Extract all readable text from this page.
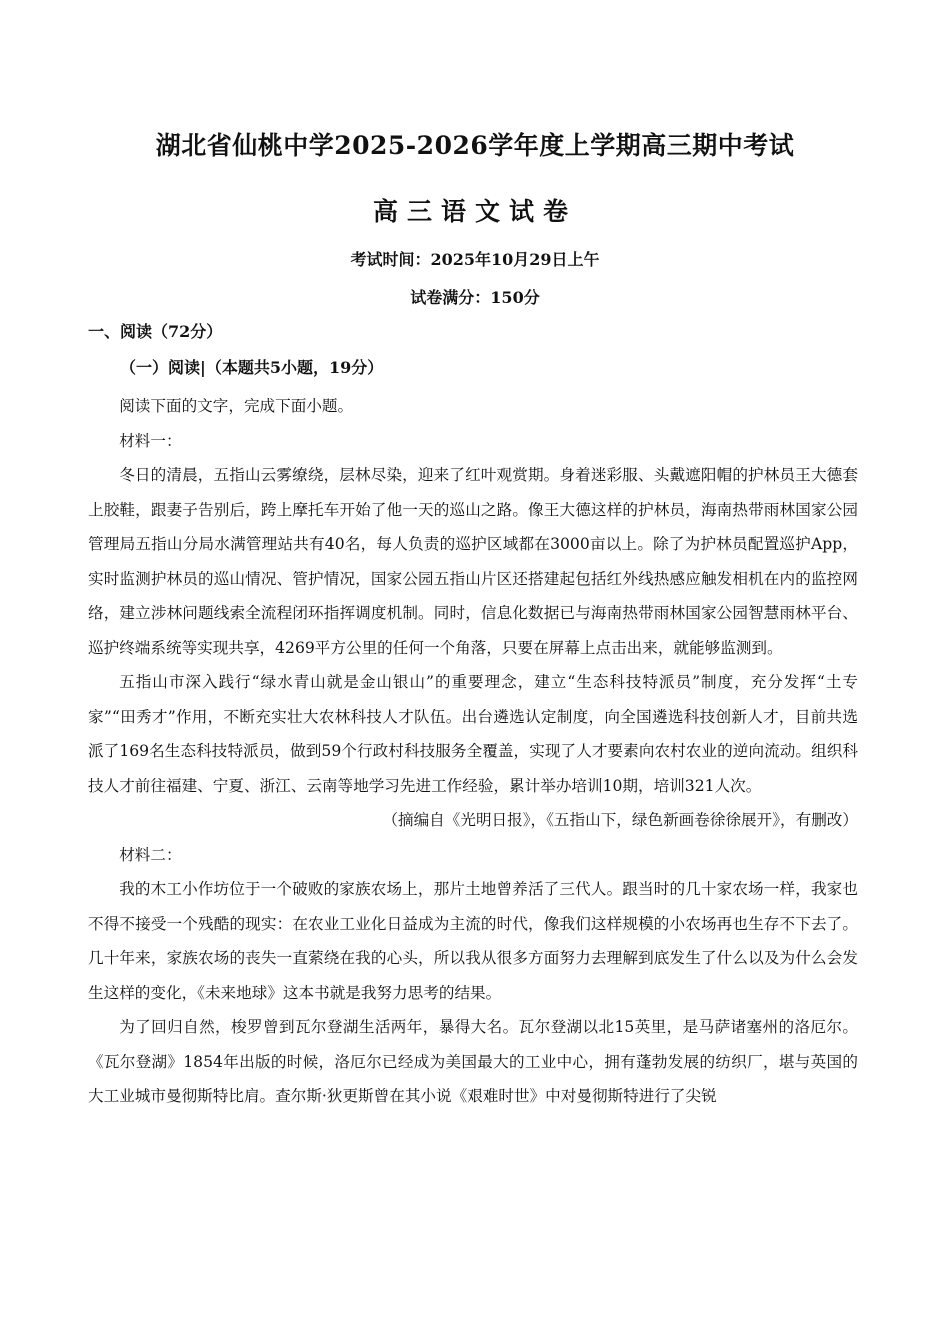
湖北省仙桃中学2025-2026学年度上学期高三期中考试
高三语文试卷
考试时间：2025年10月29日上午
试卷满分：150分
一、阅读（72分）
（一）阅读|（本题共5小题，19分）

阅读下面的文字，完成下面小题。

材料一：

冬日的清晨，五指山云雾缭绕，层林尽染，迎来了红叶观赏期。身着迷彩服、头戴遮阳帽的护林员王大德套上胶鞋，跟妻子告别后，跨上摩托车开始了他一天的巡山之路。像王大德这样的护林员，海南热带雨林国家公园管理局五指山分局水满管理站共有40名，每人负责的巡护区域都在3000亩以上。除了为护林员配置巡护App，实时监测护林员的巡山情况、管护情况，国家公园五指山片区还搭建起包括红外线热感应触发相机在内的监控网络，建立涉林问题线索全流程闭环指挥调度机制。同时，信息化数据已与海南热带雨林国家公园智慧雨林平台、巡护终端系统等实现共享，4269平方公里的任何一个角落，只要在屏幕上点击出来，就能够监测到。

五指山市深入践行“绿水青山就是金山银山”的重要理念，建立“生态科技特派员”制度，充分发挥“土专家”“田秀才”作用，不断充实壮大农林科技人才队伍。出台遴选认定制度，向全国遴选科技创新人才，目前共选派了169名生态科技特派员，做到59个行政村科技服务全覆盖，实现了人才要素向农村农业的逆向流动。组织科技人才前往福建、宁夏、浙江、云南等地学习先进工作经验，累计举办培训10期，培训321人次。

（摘编自《光明日报》，《五指山下，绿色新画卷徐徐展开》，有删改）

材料二：

我的木工小作坊位于一个破败的家族农场上，那片土地曾养活了三代人。跟当时的几十家农场一样，我家也不得不接受一个残酷的现实：在农业工业化日益成为主流的时代，像我们这样规模的小农场再也生存不下去了。几十年来，家族农场的丧失一直萦绕在我的心头，所以我从很多方面努力去理解到底发生了什么以及为什么会发生这样的变化，《未来地球》这本书就是我努力思考的结果。

为了回归自然，梭罗曾到瓦尔登湖生活两年，暴得大名。瓦尔登湖以北15英里，是马萨诸塞州的洛厄尔。《瓦尔登湖》1854年出版的时候，洛厄尔已经成为美国最大的工业中心，拥有蓬勃发展的纺织厂，堪与英国的大工业城市曼彻斯特比肩。查尔斯·狄更斯曾在其小说《艰难时世》中对曼彻斯特进行了尖锐
